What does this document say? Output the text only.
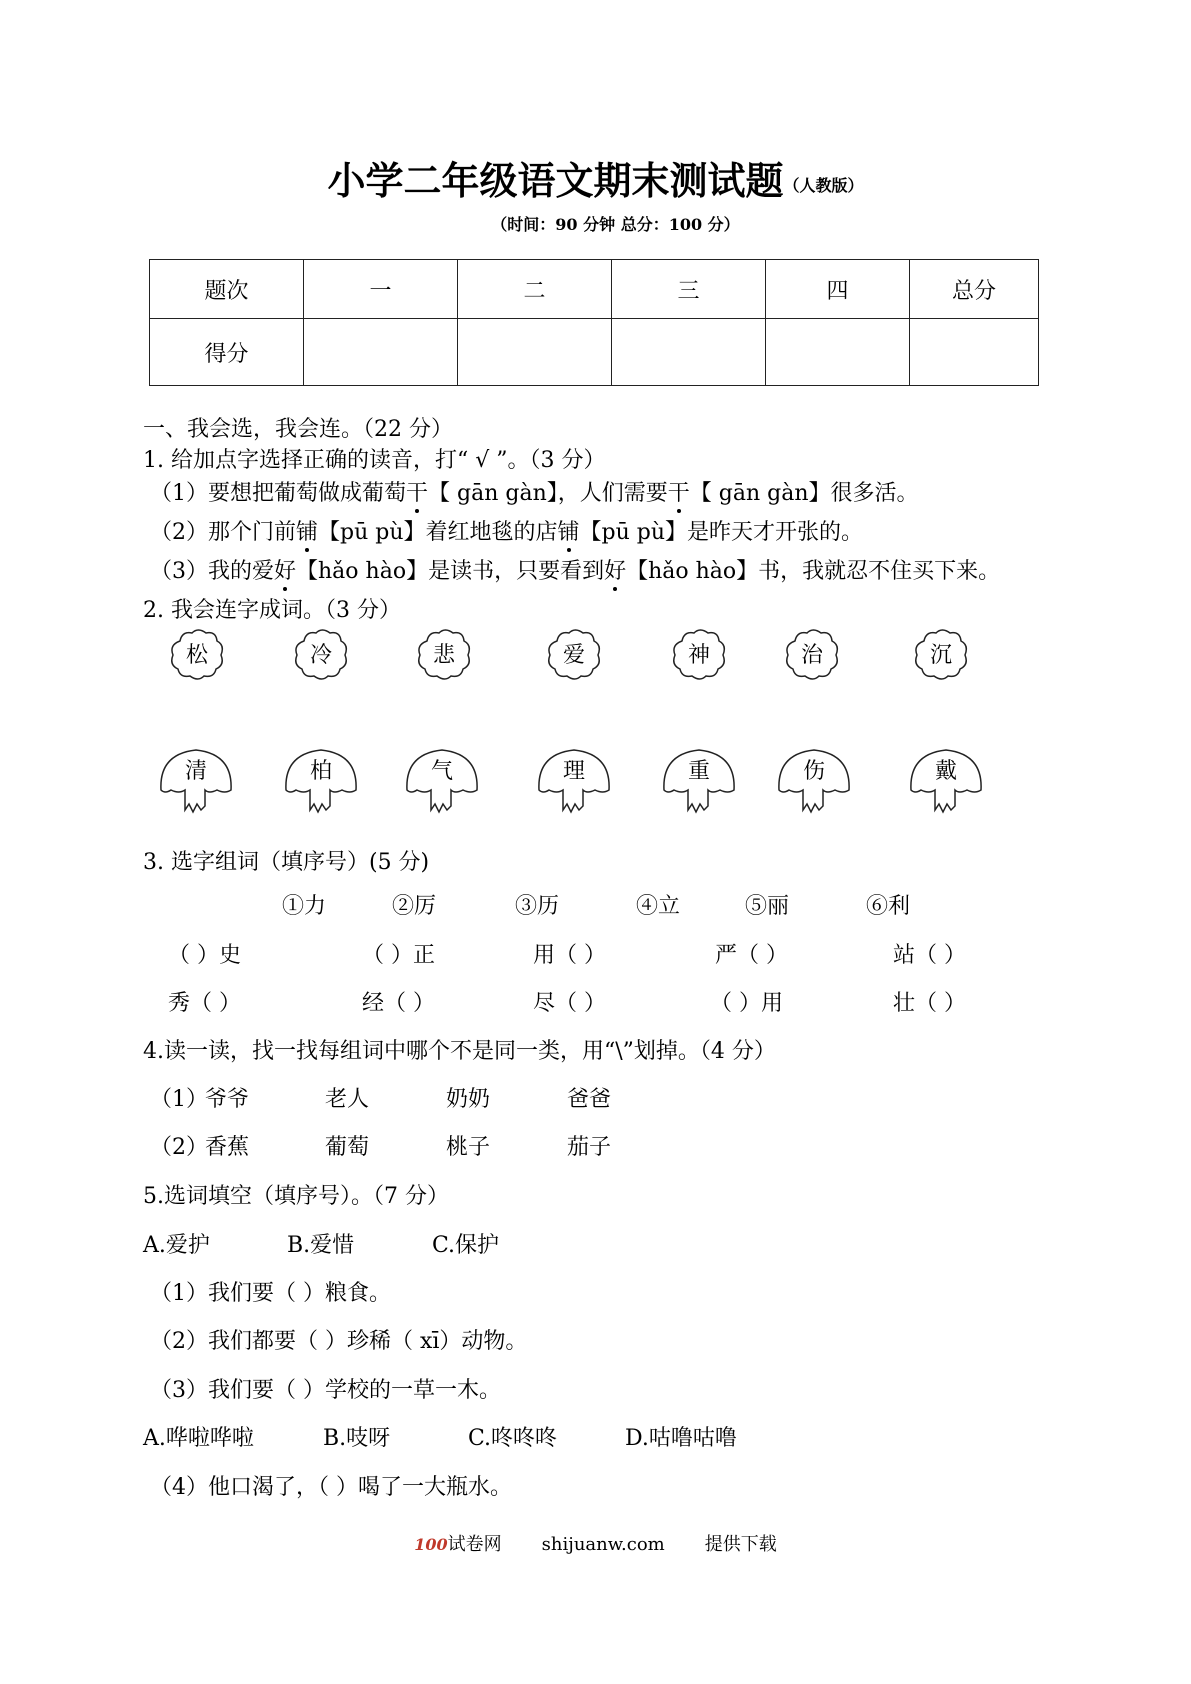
小学二年级语文期末测试题（人教版）
（时间：90 分钟 总分：100 分）
题次	一	二	三	四	总分
得分					
一、我会选，我会连。（22 分）
1. 给加点字选择正确的读音，打“ √ ”。（3 分）
（1）要想把葡萄做成葡萄干【 gān gàn】，人们需要干【 gān gàn】很多活。
（2）那个门前铺【pū pù】着红地毯的店铺【pū pù】是昨天才开张的。
（3）我的爱好【hǎo hào】是读书，只要看到好【hǎo hào】书，我就忍不住买下来。
2. 我会连字成词。（3 分）
松	冷	悲	爱	神	治	沉
清	柏	气	理	重	伤	戴
3. 选字组词（填序号）(5 分)
①力	②厉	③历	④立	⑤丽	⑥利
（ ）史	（ ）正	用（ ）	严（ ）	站（ ）
秀（ ）	经（ ）	尽（ ）	（ ）用	壮（ ）
4.读一读，找一找每组词中哪个不是同一类，用“\”划掉。（4 分）
（1）
爷爷	老人	奶奶	爸爸
（2）
香蕉	葡萄	桃子	茄子
5.选词填空（填序号）。（7 分）
A.爱护	B.爱惜	C.保护
（1）我们要（ ）粮食。
（2）我们都要（ ）珍稀（ xī）动物。
（3）我们要（ ）学校的一草一木。
A.哗啦哗啦	B.吱呀	C.咚咚咚	D.咕噜咕噜
（4）他口渴了，（ ）喝了一大瓶水。
100试卷网 shijuanw.com 提供下载
